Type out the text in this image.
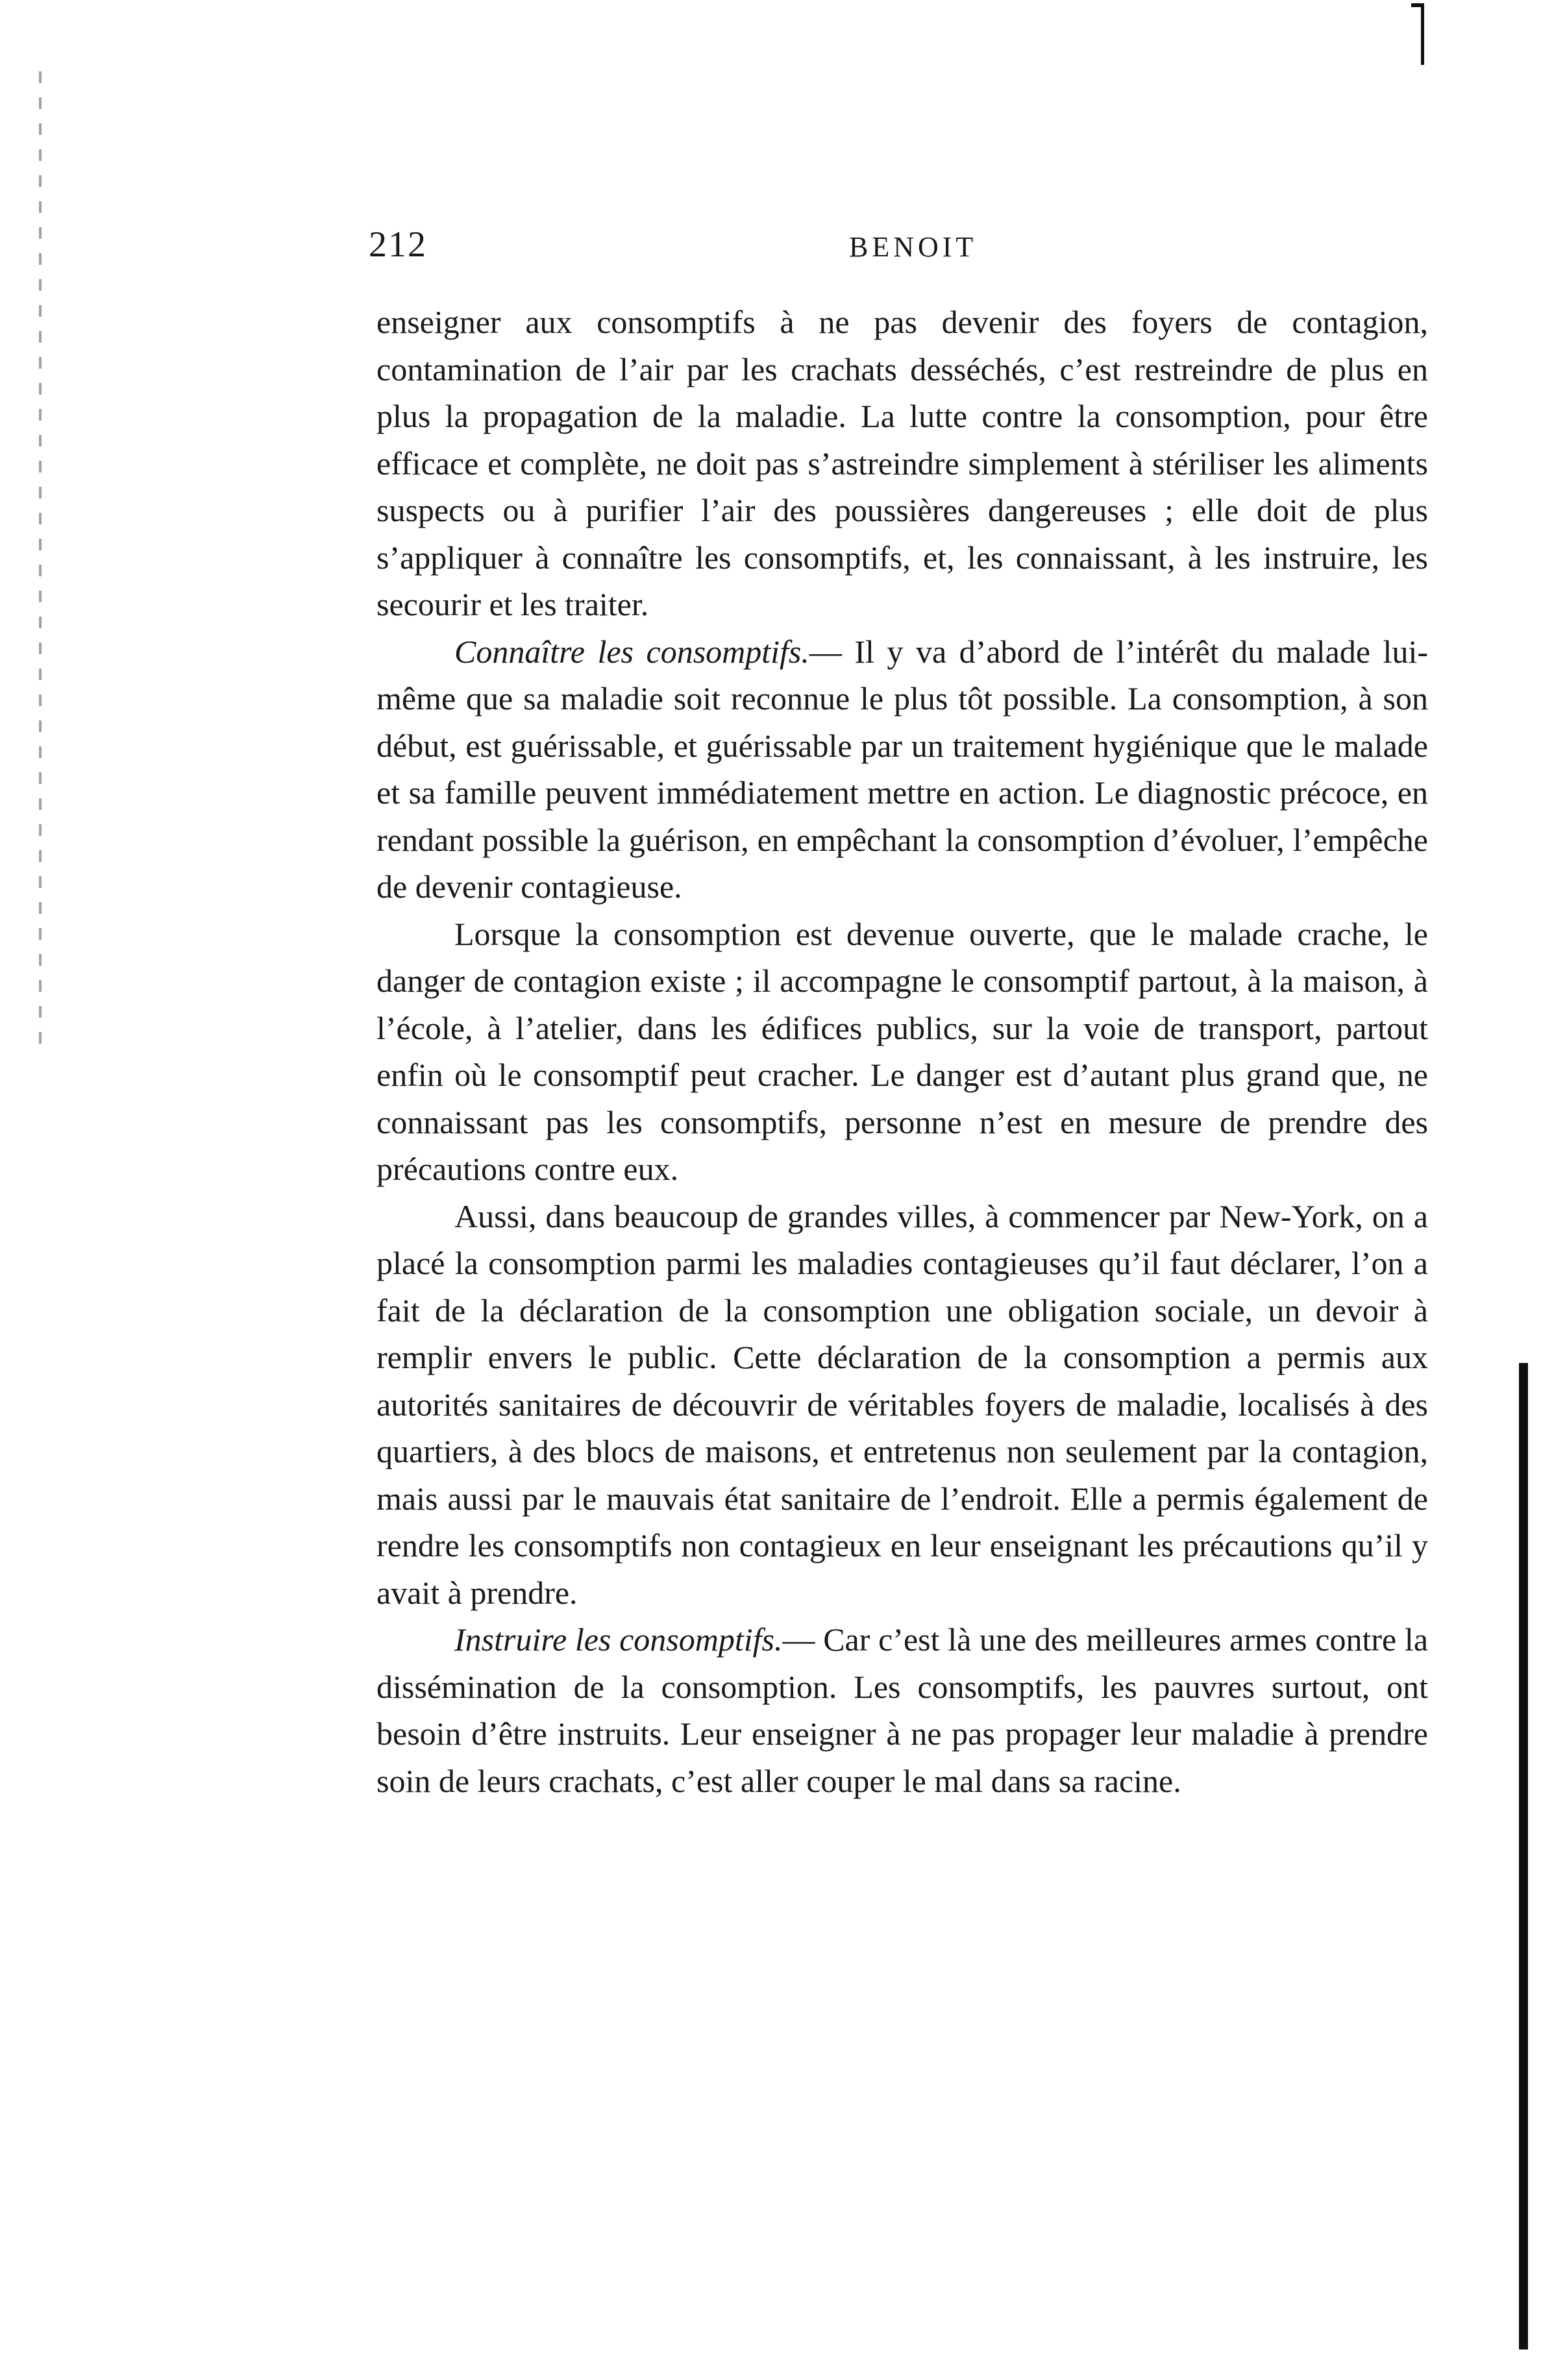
212	BENOIT

enseigner aux consomptifs à ne pas devenir des foyers de contagion, contamination de l’air par les crachats desséchés, c’est restreindre de plus en plus la propagation de la maladie. La lutte contre la consomption, pour être efficace et complète, ne doit pas s’astreindre simplement à stériliser les aliments suspects ou à purifier l’air des poussières dangereuses ; elle doit de plus s’appliquer à connaître les consomptifs, et, les connaissant, à les instruire, les secourir et les traiter.

Connaître les consomptifs.— Il y va d’abord de l’intérêt du malade lui-même que sa maladie soit reconnue le plus tôt possible. La consomption, à son début, est guérissable, et guérissable par un traitement hygiénique que le malade et sa famille peuvent immédiatement mettre en action. Le diagnostic précoce, en rendant possible la guérison, en empêchant la consomption d’évoluer, l’empêche de devenir contagieuse.

Lorsque la consomption est devenue ouverte, que le malade crache, le danger de contagion existe ; il accompagne le consomptif partout, à la maison, à l’école, à l’atelier, dans les édifices publics, sur la voie de transport, partout enfin où le consomptif peut cracher. Le danger est d’autant plus grand que, ne connaissant pas les consomptifs, personne n’est en mesure de prendre des précautions contre eux.

Aussi, dans beaucoup de grandes villes, à commencer par New-York, on a placé la consomption parmi les maladies contagieuses qu’il faut déclarer, l’on a fait de la déclaration de la consomption une obligation sociale, un devoir à remplir envers le public. Cette déclaration de la consomption a permis aux autorités sanitaires de découvrir de véritables foyers de maladie, localisés à des quartiers, à des blocs de maisons, et entretenus non seulement par la contagion, mais aussi par le mauvais état sanitaire de l’endroit. Elle a permis également de rendre les consomptifs non contagieux en leur enseignant les précautions qu’il y avait à prendre.

Instruire les consomptifs.— Car c’est là une des meilleures armes contre la dissémination de la consomption. Les consomptifs, les pauvres surtout, ont besoin d’être instruits. Leur enseigner à ne pas propager leur maladie à prendre soin de leurs crachats, c’est aller couper le mal dans sa racine.
